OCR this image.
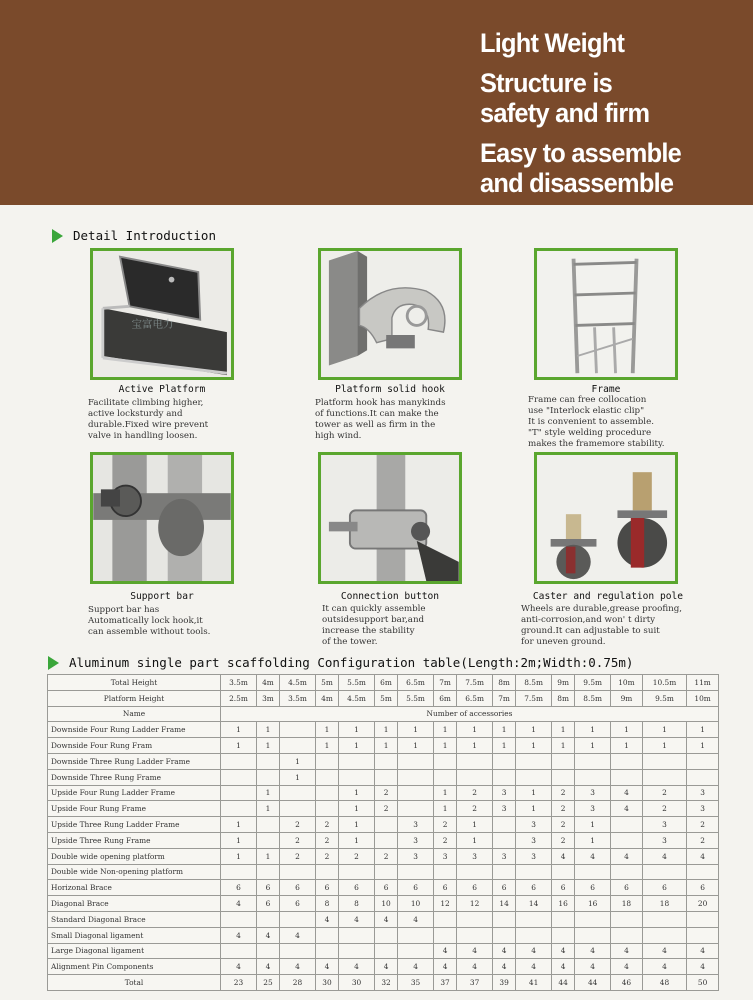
Light Weight
Structure is
safety and firm
Easy to assemble
and disassemble
Detail Introduction
宝富电力
Active Platform	Platform solid hook	Frame
Support bar	Connection button	Caster and regulation pole
Facilitate climbing higher,
active locksturdy and
durable.Fixed wire prevent
valve in handling loosen.
Platform hook has manykinds
of functions.It can make the
tower as well as firm in the
high wind.
Frame can free collocation
use "Interlock elastic clip"
It is convenient to assemble.
"T" style welding procedure
makes the framemore stability.
Support bar has
Automatically lock hook,it
can assemble without tools.
It can quickly assemble
outsidesupport bar,and
increase the stability
of the tower.
Wheels are durable,grease proofing,
anti-corrosion,and won' t dirty
ground.It can adjustable to suit
for uneven ground.
Aluminum single part scaffolding Configuration table(Length:2m;Width:0.75m)
Total Height	3.5m	4m	4.5m	5m	5.5m	6m	6.5m	7m	7.5m	8m	8.5m	9m	9.5m	10m	10.5m	11m
Platform Height	2.5m	3m	3.5m	4m	4.5m	5m	5.5m	6m	6.5m	7m	7.5m	8m	8.5m	9m	9.5m	10m
Name	Number of accessories															
Downside Four Rung Ladder Frame	1	1		1	1	1	1	1	1	1	1	1	1	1	1	1
Downside Four Rung Fram	1	1		1	1	1	1	1	1	1	1	1	1	1	1	1
Downside Three Rung Ladder Frame			1													
Downside Three Rung Frame			1													
Upside Four Rung Ladder Frame		1			1	2		1	2	3	1	2	3	4	2	3
Upside Four Rung Frame		1			1	2		1	2	3	1	2	3	4	2	3
Upside Three Rung Ladder Frame	1		2	2	1		3	2	1		3	2	1		3	2
Upside Three Rung Frame	1		2	2	1		3	2	1		3	2	1		3	2
Double wide opening platform	1	1	2	2	2	2	3	3	3	3	3	4	4	4	4	4
Double wide Non-opening platform																
Horizonal Brace	6	6	6	6	6	6	6	6	6	6	6	6	6	6	6	6
Diagonal Brace	4	6	6	8	8	10	10	12	12	14	14	16	16	18	18	20
Standard Diagonal Brace				4	4	4	4									
Small Diagonal ligament	4	4	4													
Large Diagonal ligament								4	4	4	4	4	4	4	4	4
Alignment Pin Components	4	4	4	4	4	4	4	4	4	4	4	4	4	4	4	4
Total	23	25	28	30	30	32	35	37	37	39	41	44	44	46	48	50
